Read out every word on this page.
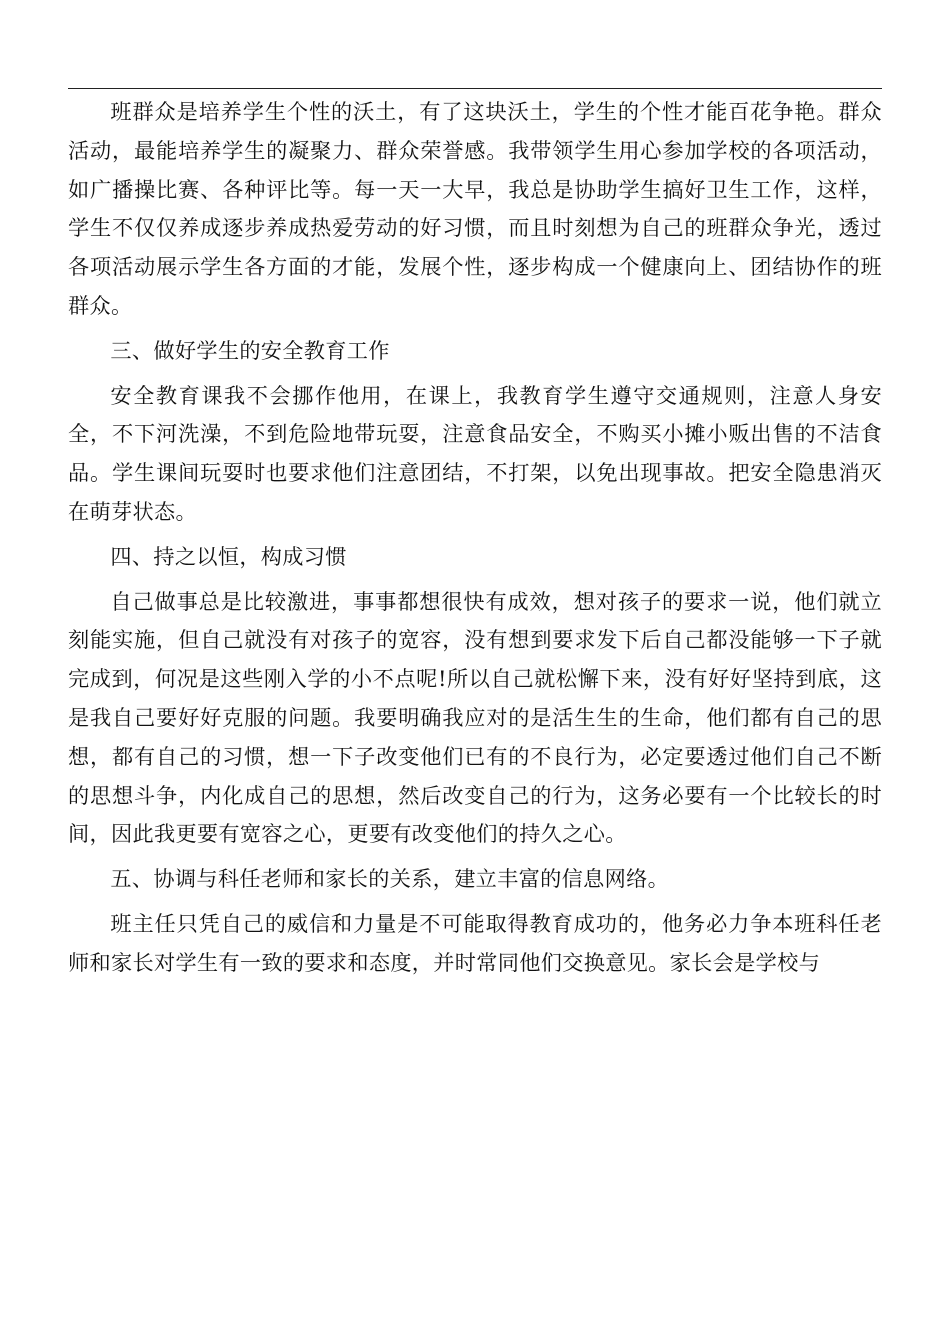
班群众是培养学生个性的沃土，有了这块沃土，学生的个性才能百花争艳。群众活动，最能培养学生的凝聚力、群众荣誉感。我带领学生用心参加学校的各项活动，如广播操比赛、各种评比等。每一天一大早，我总是协助学生搞好卫生工作，这样，学生不仅仅养成逐步养成热爱劳动的好习惯，而且时刻想为自己的班群众争光，透过各项活动展示学生各方面的才能，发展个性，逐步构成一个健康向上、团结协作的班群众。

三、做好学生的安全教育工作

安全教育课我不会挪作他用，在课上，我教育学生遵守交通规则，注意人身安全，不下河洗澡，不到危险地带玩耍，注意食品安全，不购买小摊小贩出售的不洁食品。学生课间玩耍时也要求他们注意团结，不打架，以免出现事故。把安全隐患消灭在萌芽状态。

四、持之以恒，构成习惯

自己做事总是比较激进，事事都想很快有成效，想对孩子的要求一说，他们就立刻能实施，但自己就没有对孩子的宽容，没有想到要求发下后自己都没能够一下子就完成到，何况是这些刚入学的小不点呢!所以自己就松懈下来，没有好好坚持到底，这是我自己要好好克服的问题。我要明确我应对的是活生生的生命，他们都有自己的思想，都有自己的习惯，想一下子改变他们已有的不良行为，必定要透过他们自己不断的思想斗争，内化成自己的思想，然后改变自己的行为，这务必要有一个比较长的时间，因此我更要有宽容之心，更要有改变他们的持久之心。

五、协调与科任老师和家长的关系，建立丰富的信息网络。

班主任只凭自己的威信和力量是不可能取得教育成功的，他务必力争本班科任老师和家长对学生有一致的要求和态度，并时常同他们交换意见。家长会是学校与
